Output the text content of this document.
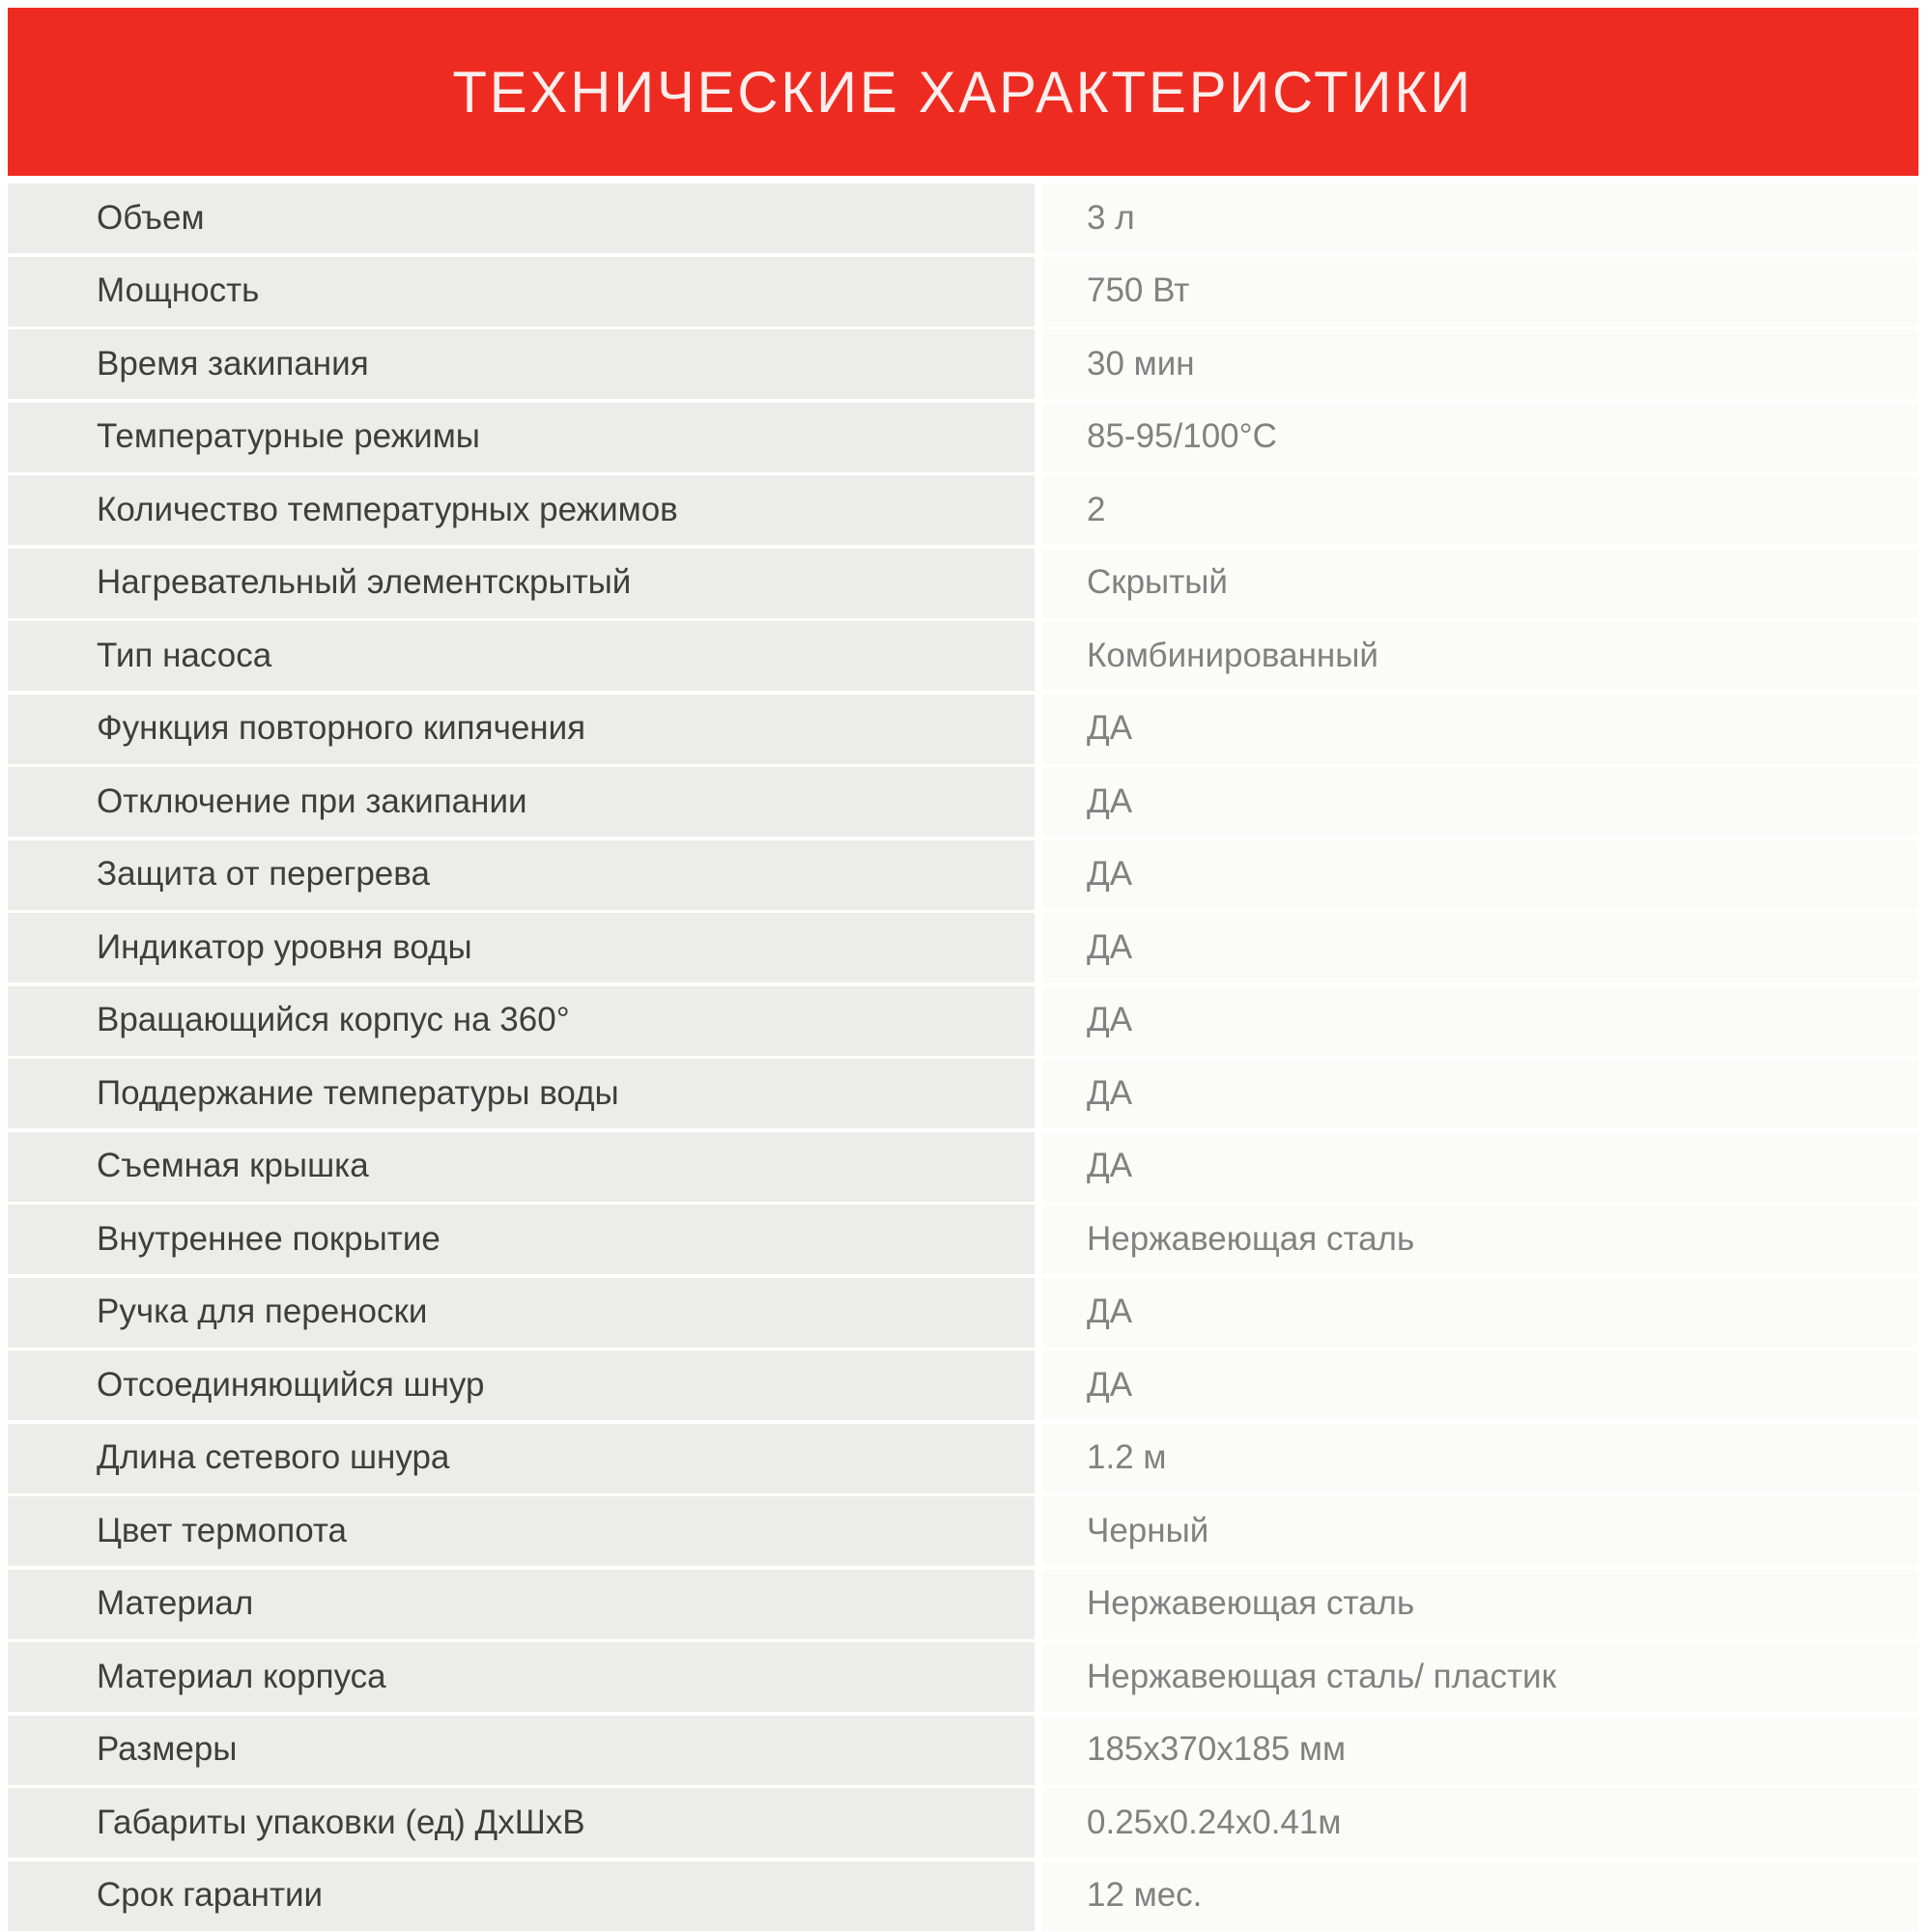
ТЕХНИЧЕСКИЕ ХАРАКТЕРИСТИКИ
Объем	3 л
Мощность	750 Вт
Время закипания	30 мин
Температурные режимы	85-95/100°С
Количество температурных режимов	2
Нагревательный элементскрытый	Скрытый
Тип насоса	Комбинированный
Функция повторного кипячения	ДА
Отключение при закипании	ДА
Защита от перегрева	ДА
Индикатор уровня воды	ДА
Вращающийся корпус на 360°	ДА
Поддержание температуры воды	ДА
Съемная крышка	ДА
Внутреннее покрытие	Нержавеющая сталь
Ручка для переноски	ДА
Отсоединяющийся шнур	ДА
Длина сетевого шнура	1.2 м
Цвет термопота	Черный
Материал	Нержавеющая сталь
Материал корпуса	Нержавеющая сталь/ пластик
Размеры	185х370х185 мм
Габариты упаковки (ед) ДхШхВ	0.25х0.24х0.41м
Срок гарантии	12 мес.
